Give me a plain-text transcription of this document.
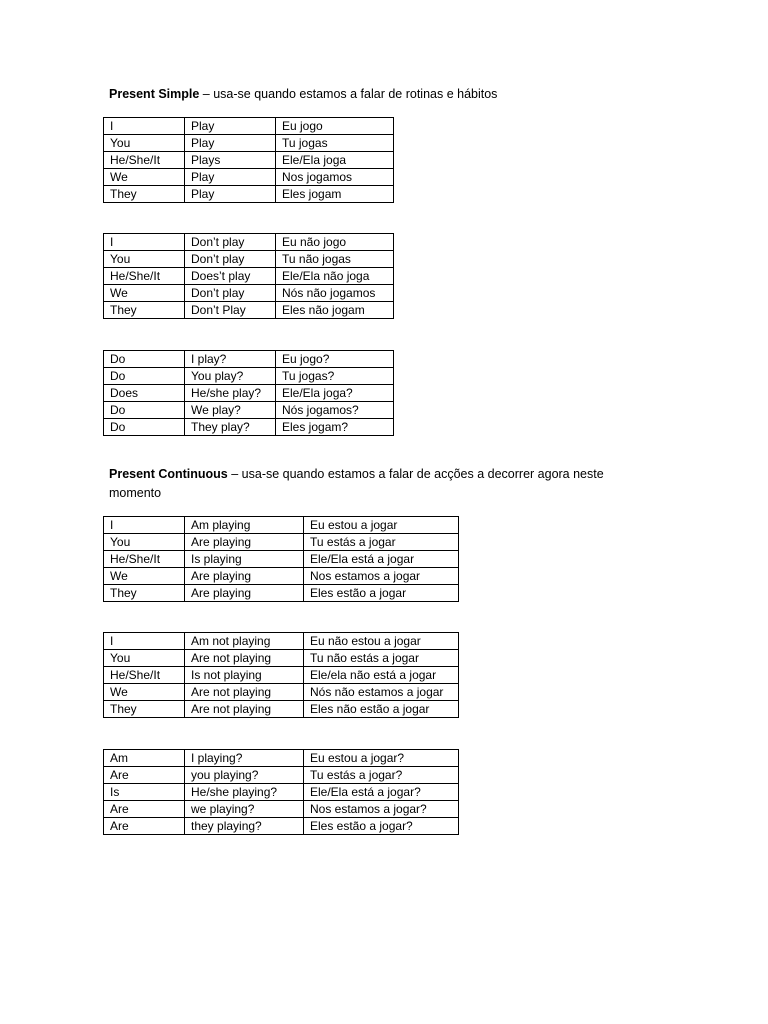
Present Simple – usa-se quando estamos a falar de rotinas e hábitos

I	Play	Eu jogo
You	Play	Tu jogas
He/She/It	Plays	Ele/Ela joga
We	Play	Nos jogamos
They	Play	Eles jogam
I	Don’t play	Eu não jogo
You	Don’t play	Tu não jogas
He/She/It	Does’t play	Ele/Ela não joga
We	Don’t play	Nós não jogamos
They	Don’t Play	Eles não jogam
Do	I play?	Eu jogo?
Do	You play?	Tu jogas?
Does	He/she play?	Ele/Ela joga?
Do	We play?	Nós jogamos?
Do	They play?	Eles jogam?

Present Continuous – usa-se quando estamos a falar de acções a decorrer agora neste
momento

I	Am playing	Eu estou a jogar
You	Are playing	Tu estás a jogar
He/She/It	Is playing	Ele/Ela está a jogar
We	Are playing	Nos estamos a jogar
They	Are playing	Eles estão a jogar
I	Am not playing	Eu não estou a jogar
You	Are not playing	Tu não estás a jogar
He/She/It	Is not playing	Ele/ela não está a jogar
We	Are not playing	Nós não estamos a jogar
They	Are not playing	Eles não estão a jogar
Am	I playing?	Eu estou a jogar?
Are	you playing?	Tu estás a jogar?
Is	He/she playing?	Ele/Ela está a jogar?
Are	we playing?	Nos estamos a jogar?
Are	they playing?	Eles estão a jogar?
